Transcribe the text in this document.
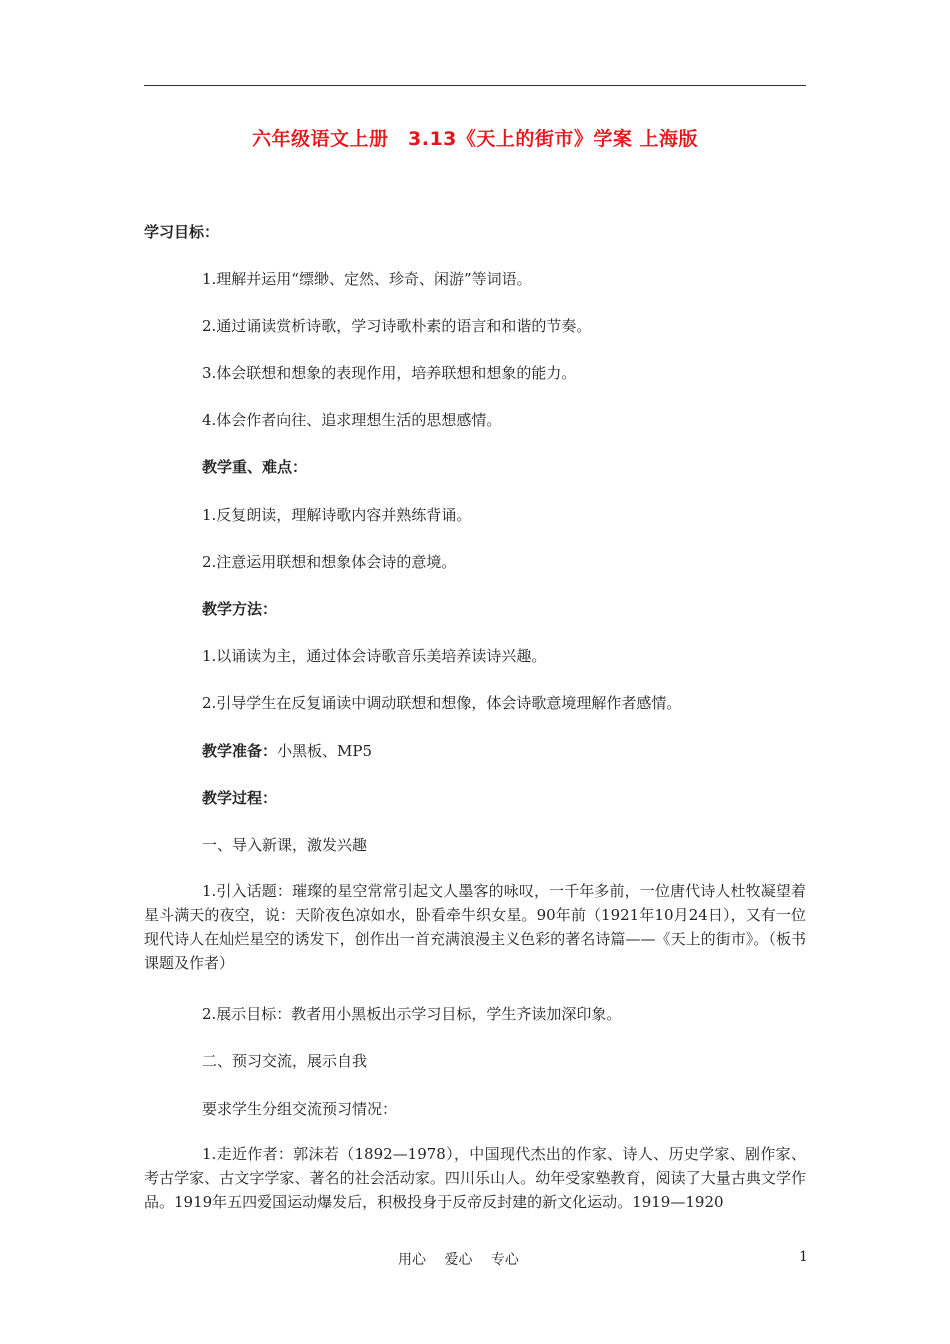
六年级语文上册　3.13《天上的街市》学案 上海版
学习目标：
1.理解并运用“缥缈、定然、珍奇、闲游”等词语。
2.通过诵读赏析诗歌，学习诗歌朴素的语言和和谐的节奏。
3.体会联想和想象的表现作用，培养联想和想象的能力。
4.体会作者向往、追求理想生活的思想感情。
教学重、难点：
1.反复朗读，理解诗歌内容并熟练背诵。
2.注意运用联想和想象体会诗的意境。
教学方法：
1.以诵读为主，通过体会诗歌音乐美培养读诗兴趣。
2.引导学生在反复诵读中调动联想和想像，体会诗歌意境理解作者感情。
教学准备：小黑板、MP5
教学过程：
一、导入新课，激发兴趣
1.引入话题：璀璨的星空常常引起文人墨客的咏叹，一千年多前，一位唐代诗人杜牧凝望着星斗满天的夜空，说：天阶夜色凉如水，卧看牵牛织女星。90年前（1921年10月24日），又有一位现代诗人在灿烂星空的诱发下，创作出一首充满浪漫主义色彩的著名诗篇——《天上的街市》。（板书课题及作者）
2.展示目标：教者用小黑板出示学习目标，学生齐读加深印象。
二、预习交流，展示自我
要求学生分组交流预习情况：
1.走近作者：郭沫若（1892—1978），中国现代杰出的作家、诗人、历史学家、剧作家、考古学家、古文字学家、著名的社会活动家。四川乐山人。幼年受家塾教育，阅读了大量古典文学作品。1919年五四爱国运动爆发后，积极投身于反帝反封建的新文化运动。1919—1920
用心　 爱心　 专心	1
